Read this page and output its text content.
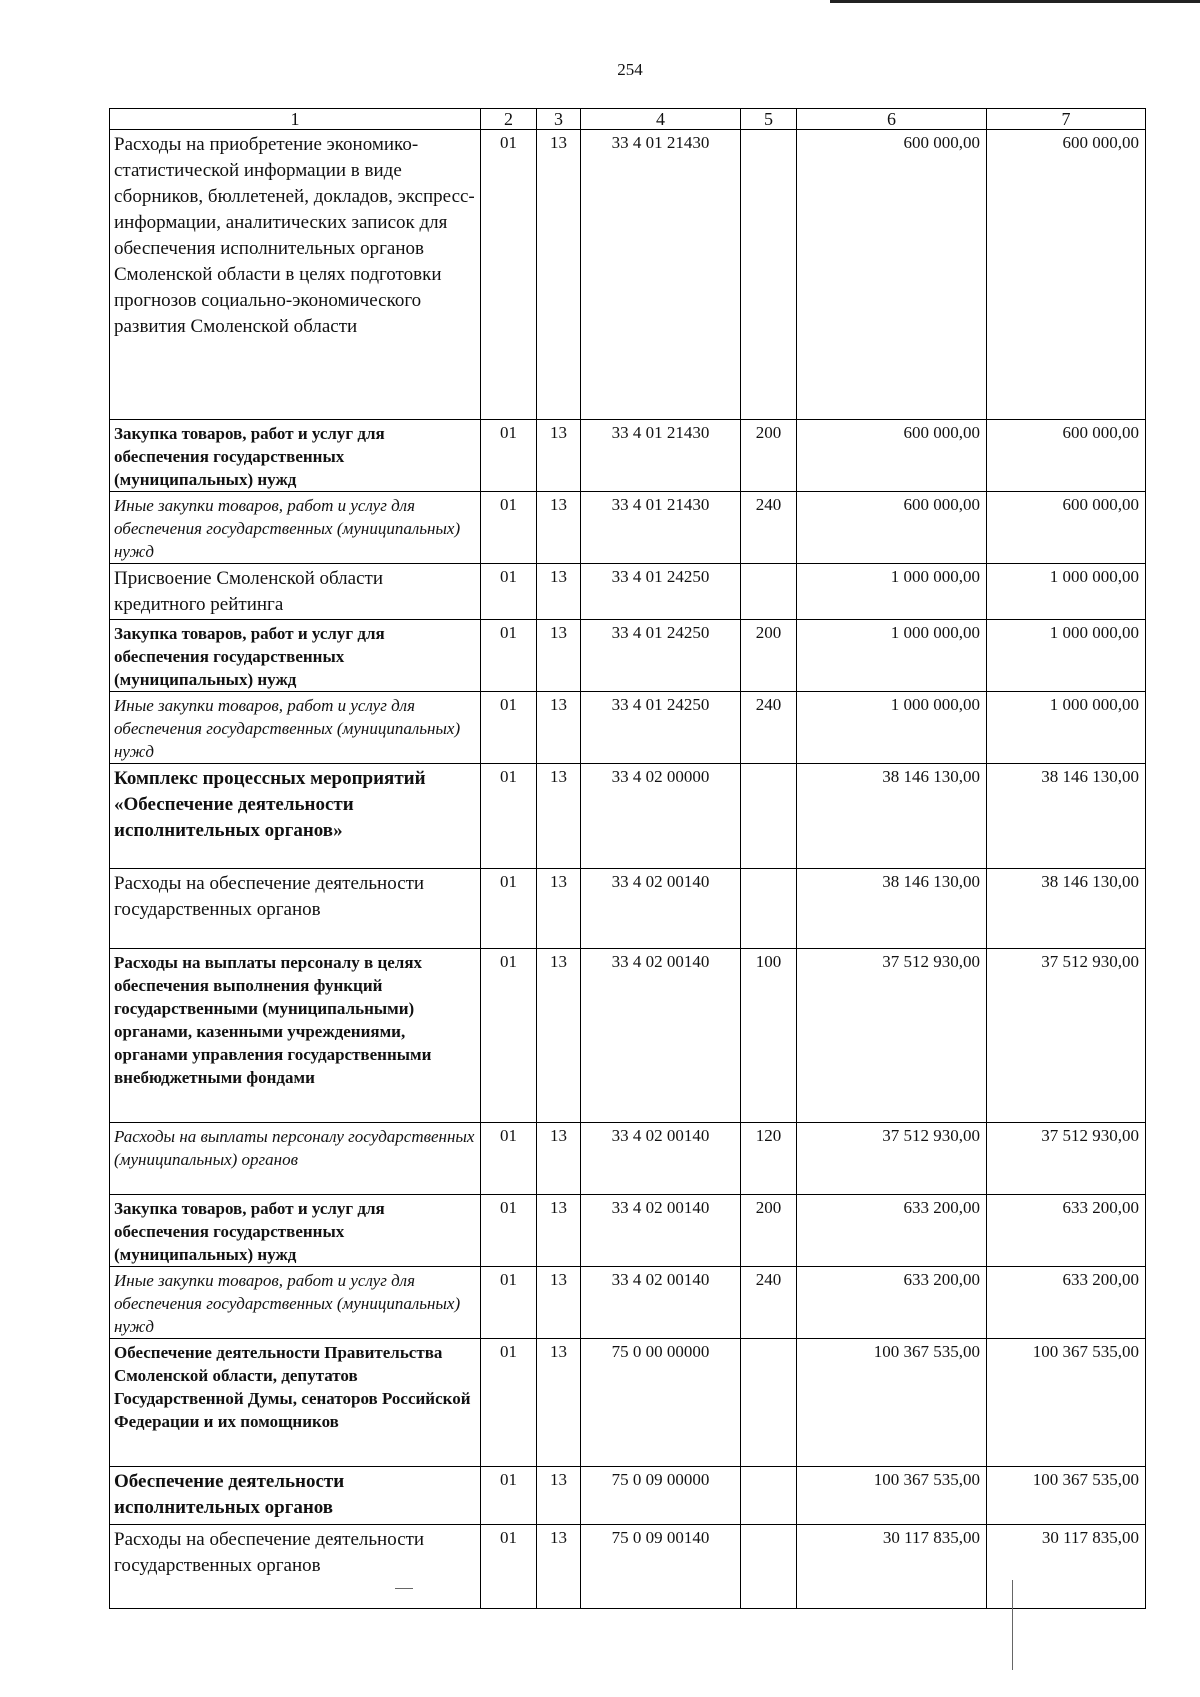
254
1	2	3	4	5	6	7

Расходы на приобретение экономико-статистической информации в виде сборников, бюллетеней, докладов, экспресс-информации, аналитических записок для обеспечения исполнительных органов Смоленской области в целях подготовки прогнозов социально-экономического развития Смоленской области	01	13	33 4 01 21430		600 000,00	600 000,00

Закупка товаров, работ и услуг для обеспечения государственных (муниципальных) нужд	01	13	33 4 01 21430	200	600 000,00	600 000,00

Иные закупки товаров, работ и услуг для обеспечения государственных (муниципальных) нужд	01	13	33 4 01 21430	240	600 000,00	600 000,00

Присвоение Смоленской области кредитного рейтинга	01	13	33 4 01 24250		1 000 000,00	1 000 000,00

Закупка товаров, работ и услуг для обеспечения государственных (муниципальных) нужд	01	13	33 4 01 24250	200	1 000 000,00	1 000 000,00

Иные закупки товаров, работ и услуг для обеспечения государственных (муниципальных) нужд	01	13	33 4 01 24250	240	1 000 000,00	1 000 000,00

Комплекс процессных мероприятий «Обеспечение деятельности исполнительных органов»	01	13	33 4 02 00000		38 146 130,00	38 146 130,00

Расходы на обеспечение деятельности государственных органов	01	13	33 4 02 00140		38 146 130,00	38 146 130,00

Расходы на выплаты персоналу в целях обеспечения выполнения функций государственными (муниципальными) органами, казенными учреждениями, органами управления государственными внебюджетными фондами	01	13	33 4 02 00140	100	37 512 930,00	37 512 930,00

Расходы на выплаты персоналу государственных (муниципальных) органов	01	13	33 4 02 00140	120	37 512 930,00	37 512 930,00

Закупка товаров, работ и услуг для обеспечения государственных (муниципальных) нужд	01	13	33 4 02 00140	200	633 200,00	633 200,00

Иные закупки товаров, работ и услуг для обеспечения государственных (муниципальных) нужд	01	13	33 4 02 00140	240	633 200,00	633 200,00

Обеспечение деятельности Правительства Смоленской области, депутатов Государственной Думы, сенаторов Российской Федерации и их помощников	01	13	75 0 00 00000		100 367 535,00	100 367 535,00

Обеспечение деятельности исполнительных органов	01	13	75 0 09 00000		100 367 535,00	100 367 535,00

Расходы на обеспечение деятельности государственных органов	01	13	75 0 09 00140		30 117 835,00	30 117 835,00
